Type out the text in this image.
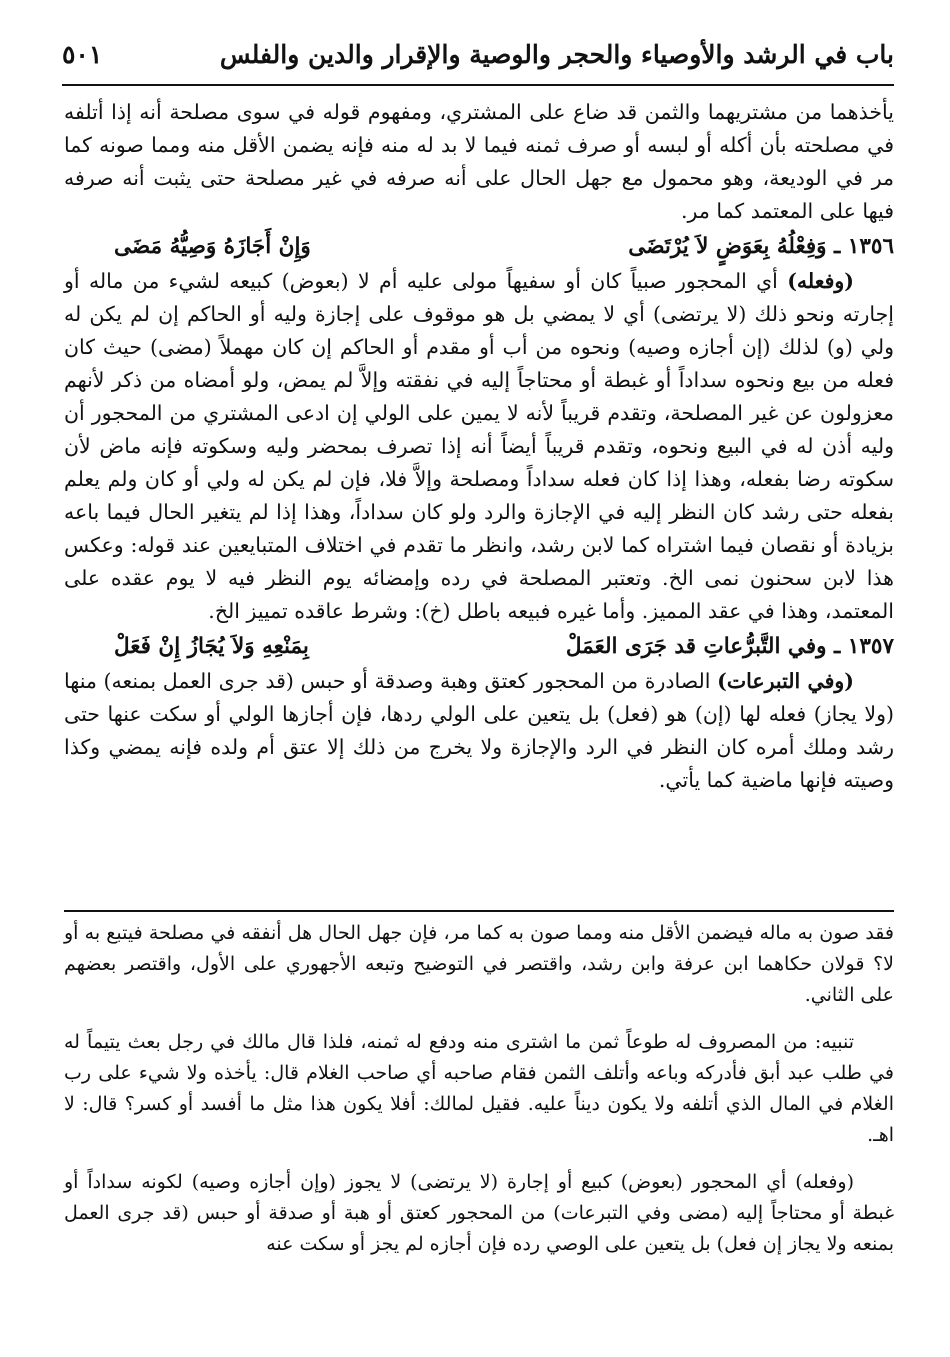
باب في الرشد والأوصياء والحجر والوصية والإقرار والدين والفلس
٥٠١

يأخذهما من مشتريهما والثمن قد ضاع على المشتري، ومفهوم قوله في سوى مصلحة أنه إذا أتلفه في مصلحته بأن أكله أو لبسه أو صرف ثمنه فيما لا بد له منه فإنه يضمن الأقل منه ومما صونه كما مر في الوديعة، وهو محمول مع جهل الحال على أنه صرفه في غير مصلحة حتى يثبت أنه صرفه فيها على المعتمد كما مر.

١٣٥٦ ـ وَفِعْلُهُ بِعَوَضٍ لاَ يُرْتَضَى
وَإِنْ أَجَازَهُ وَصِيُّهُ مَضَى

(وفعله) أي المحجور صبياً كان أو سفيهاً مولى عليه أم لا (بعوض) كبيعه لشيء من ماله أو إجارته ونحو ذلك (لا يرتضى) أي لا يمضي بل هو موقوف على إجازة وليه أو الحاكم إن لم يكن له ولي (و) لذلك (إن أجازه وصيه) ونحوه من أب أو مقدم أو الحاكم إن كان مهملاً (مضى) حيث كان فعله من بيع ونحوه سداداً أو غبطة أو محتاجاً إليه في نفقته وإلاَّ لم يمض، ولو أمضاه من ذكر لأنهم معزولون عن غير المصلحة، وتقدم قريباً لأنه لا يمين على الولي إن ادعى المشتري من المحجور أن وليه أذن له في البيع ونحوه، وتقدم قريباً أيضاً أنه إذا تصرف بمحضر وليه وسكوته فإنه ماض لأن سكوته رضا بفعله، وهذا إذا كان فعله سداداً ومصلحة وإلاَّ فلا، فإن لم يكن له ولي أو كان ولم يعلم بفعله حتى رشد كان النظر إليه في الإجازة والرد ولو كان سداداً، وهذا إذا لم يتغير الحال فيما باعه بزيادة أو نقصان فيما اشتراه كما لابن رشد، وانظر ما تقدم في اختلاف المتبايعين عند قوله: وعكس هذا لابن سحنون نمى الخ. وتعتبر المصلحة في رده وإمضائه يوم النظر فيه لا يوم عقده على المعتمد، وهذا في عقد المميز. وأما غيره فبيعه باطل (خ): وشرط عاقده تمييز الخ.

١٣٥٧ ـ وفي التَّبرُّعاتِ قد جَرَى العَمَلْ
بِمَنْعِهِ وَلاَ يُجَازُ إِنْ فَعَلْ

(وفي التبرعات) الصادرة من المحجور كعتق وهبة وصدقة أو حبس (قد جرى العمل بمنعه) منها (ولا يجاز) فعله لها (إن) هو (فعل) بل يتعين على الولي ردها، فإن أجازها الولي أو سكت عنها حتى رشد وملك أمره كان النظر في الرد والإجازة ولا يخرج من ذلك إلا عتق أم ولده فإنه يمضي وكذا وصيته فإنها ماضية كما يأتي.

فقد صون به ماله فيضمن الأقل منه ومما صون به كما مر، فإن جهل الحال هل أنفقه في مصلحة فيتبع به أو لا؟ قولان حكاهما ابن عرفة وابن رشد، واقتصر في التوضيح وتبعه الأجهوري على الأول، واقتصر بعضهم على الثاني.

تنبيه: من المصروف له طوعاً ثمن ما اشترى منه ودفع له ثمنه، فلذا قال مالك في رجل بعث يتيماً له في طلب عبد أبق فأدركه وباعه وأتلف الثمن فقام صاحبه أي صاحب الغلام قال: يأخذه ولا شيء على رب الغلام في المال الذي أتلفه ولا يكون ديناً عليه. فقيل لمالك: أفلا يكون هذا مثل ما أفسد أو كسر؟ قال: لا اهـ.

(وفعله) أي المحجور (بعوض) كبيع أو إجارة (لا يرتضى) لا يجوز (وإن أجازه وصيه) لكونه سداداً أو غبطة أو محتاجاً إليه (مضى وفي التبرعات) من المحجور كعتق أو هبة أو صدقة أو حبس (قد جرى العمل بمنعه ولا يجاز إن فعل) بل يتعين على الوصي رده فإن أجازه لم يجز أو سكت عنه
